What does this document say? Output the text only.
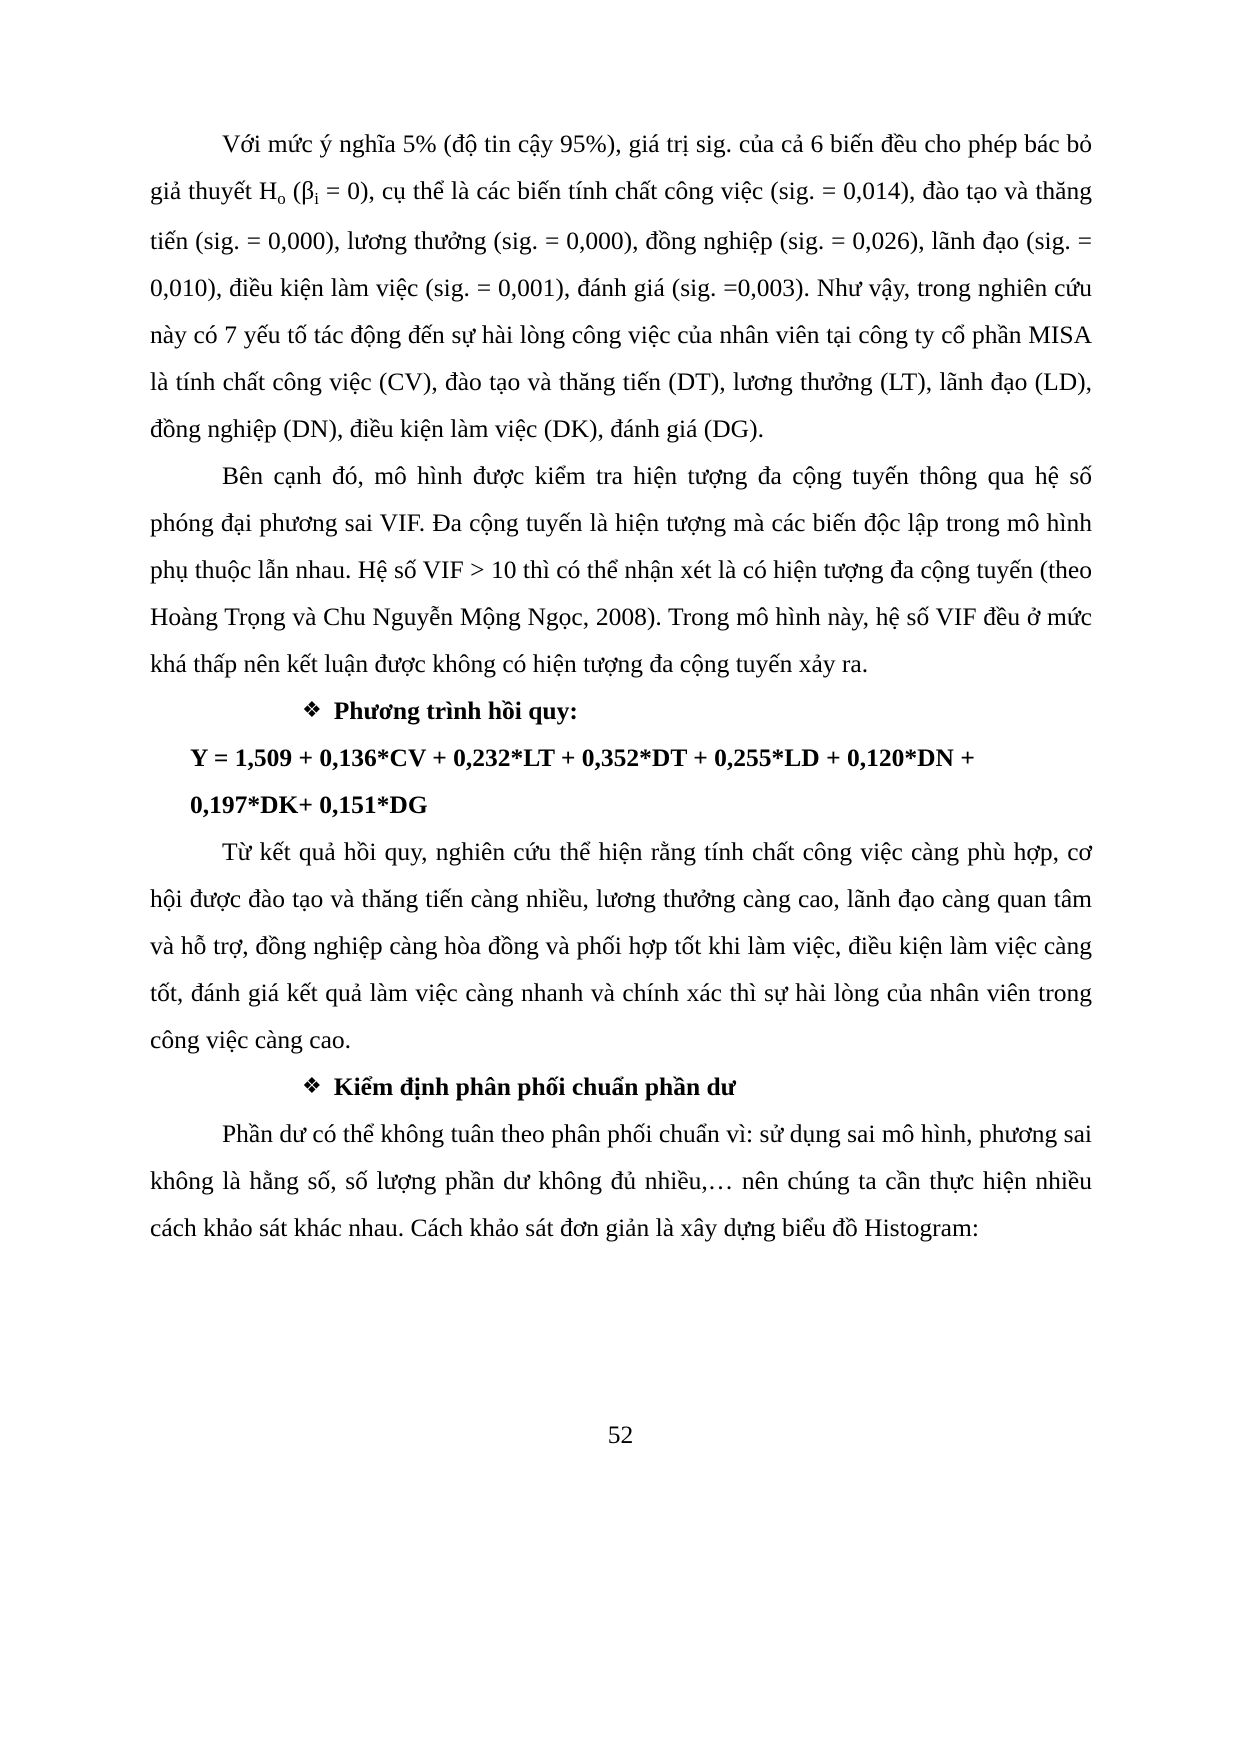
Với mức ý nghĩa 5% (độ tin cậy 95%), giá trị sig. của cả 6 biến đều cho phép bác bỏ giả thuyết $H_o$ $(\beta_i = 0)$, cụ thể là các biến tính chất công việc (sig. = 0,014), đào tạo và thăng tiến (sig. = 0,000), lương thưởng (sig. = 0,000), đồng nghiệp (sig. = 0,026), lãnh đạo (sig. = 0,010), điều kiện làm việc (sig. = 0,001), đánh giá (sig. =0,003). Như vậy, trong nghiên cứu này có 7 yếu tố tác động đến sự hài lòng công việc của nhân viên tại công ty cổ phần MISA là tính chất công việc (CV), đào tạo và thăng tiến (DT), lương thưởng (LT), lãnh đạo (LD), đồng nghiệp (DN), điều kiện làm việc (DK), đánh giá (DG).

Bên cạnh đó, mô hình được kiểm tra hiện tượng đa cộng tuyến thông qua hệ số phóng đại phương sai VIF. Đa cộng tuyến là hiện tượng mà các biến độc lập trong mô hình phụ thuộc lẫn nhau. Hệ số VIF > 10 thì có thể nhận xét là có hiện tượng đa cộng tuyến (theo Hoàng Trọng và Chu Nguyễn Mộng Ngọc, 2008). Trong mô hình này, hệ số VIF đều ở mức khá thấp nên kết luận được không có hiện tượng đa cộng tuyến xảy ra.

❖ Phương trình hồi quy:
Y = 1,509 + 0,136*CV + 0,232*LT + 0,352*DT + 0,255*LD + 0,120*DN +
0,197*DK+ 0,151*DG

Từ kết quả hồi quy, nghiên cứu thể hiện rằng tính chất công việc càng phù hợp, cơ hội được đào tạo và thăng tiến càng nhiều, lương thưởng càng cao, lãnh đạo càng quan tâm và hỗ trợ, đồng nghiệp càng hòa đồng và phối hợp tốt khi làm việc, điều kiện làm việc càng tốt, đánh giá kết quả làm việc càng nhanh và chính xác thì sự hài lòng của nhân viên trong công việc càng cao.

❖ Kiểm định phân phối chuẩn phần dư

Phần dư có thể không tuân theo phân phối chuẩn vì: sử dụng sai mô hình, phương sai không là hằng số, số lượng phần dư không đủ nhiều,… nên chúng ta cần thực hiện nhiều cách khảo sát khác nhau. Cách khảo sát đơn giản là xây dựng biểu đồ Histogram:

52
